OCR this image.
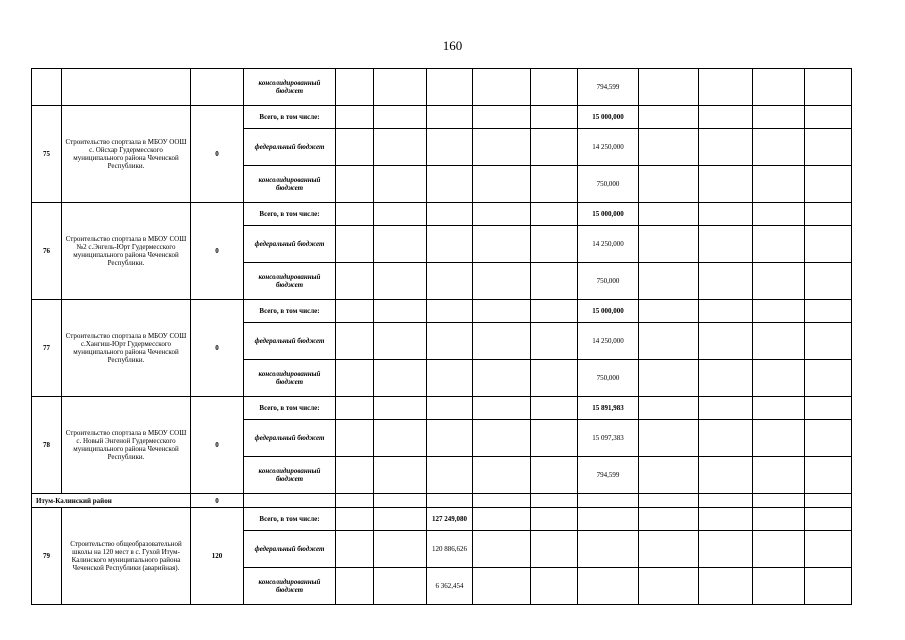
160
			консолидированный бюджет						794,599				
75	Строительство спортзала в МБОУ ООШ с. Ойсхар Гудермесского муниципального района Чеченской Республики.	0	Всего, в том числе:						15 000,000				
			федеральный бюджет						14 250,000				
			консолидированный бюджет						750,000				
76	Строительство спортзала в МБОУ СОШ №2 с.Энгель-Юрт Гудермесского муниципального района Чеченской Республики.	0	Всего, в том числе:						15 000,000				
			федеральный бюджет						14 250,000				
			консолидированный бюджет						750,000				
77	Строительство спортзала в МБОУ СОШ с.Хангиш-Юрт Гудермесского муниципального района Чеченской Республики.	0	Всего, в том числе:						15 000,000				
			федеральный бюджет						14 250,000				
			консолидированный бюджет						750,000				
78	Строительство спортзала в МБОУ СОШ с. Новый Энгеной Гудермесского муниципального района Чеченской Республики.	0	Всего, в том числе:						15 891,983				
			федеральный бюджет						15 097,383				
			консолидированный бюджет						794,599				
Итум-Калинский район		0											
79	Строительство общеобразовательной школы на 120 мест в с. Гухой Итум-Калинского муниципального района Чеченской Республики (аварийная).	120	Всего, в том числе:			127 249,080							
			федеральный бюджет			120 886,626							
			консолидированный бюджет			6 362,454							
